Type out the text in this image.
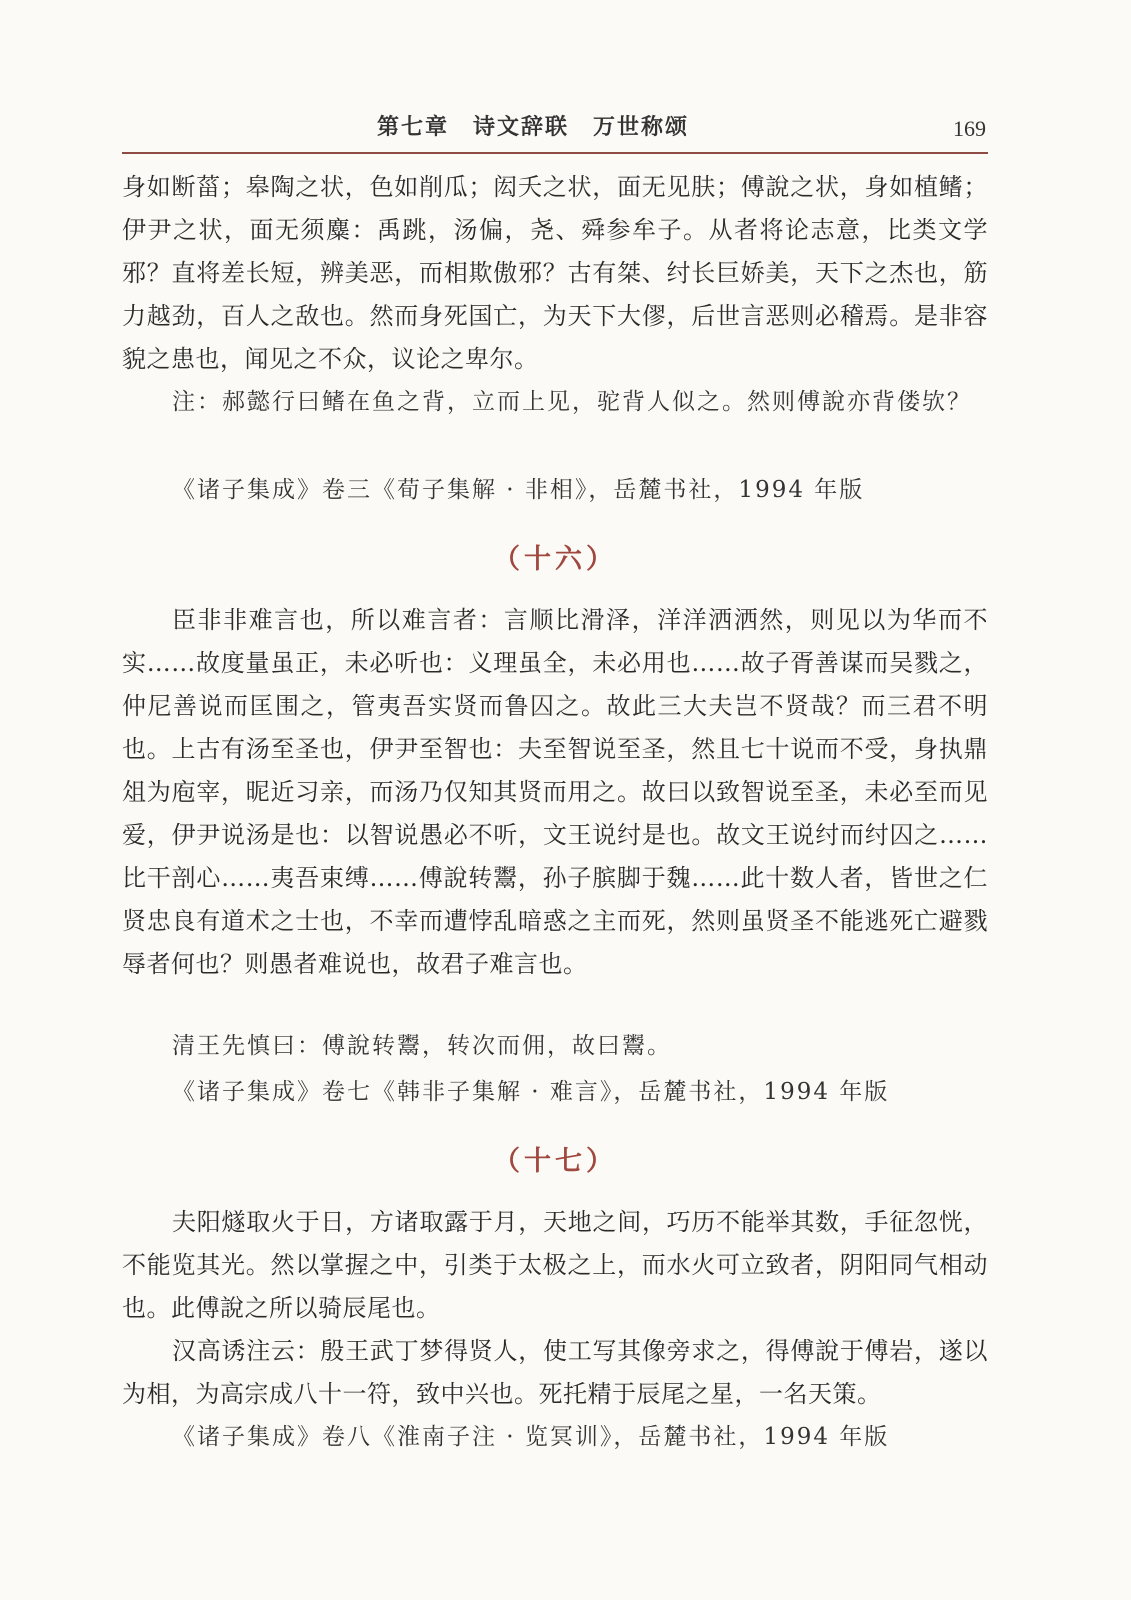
第七章　诗文辞联　万世称颂	169

身如断菑；皋陶之状，色如削瓜；闳夭之状，面无见肤；傅說之状，身如植鳍；伊尹之状，面无须麋：禹跳，汤偏，尧、舜参牟子。从者将论志意，比类文学邪？直将差长短，辨美恶，而相欺傲邪？古有桀、纣长巨娇美，天下之杰也，筋力越劲，百人之敌也。然而身死国亡，为天下大僇，后世言恶则必稽焉。是非容貌之患也，闻见之不众，议论之卑尔。

注：郝懿行曰鳍在鱼之背，立而上见，驼背人似之。然则傅說亦背偻欤？

《诸子集成》卷三《荀子集解 · 非相》，岳麓书社，1994 年版

（十六）

臣非非难言也，所以难言者：言顺比滑泽，洋洋洒洒然，则见以为华而不实……故度量虽正，未必听也：义理虽全，未必用也……故子胥善谋而吴戮之，仲尼善说而匡围之，管夷吾实贤而鲁囚之。故此三大夫岂不贤哉？而三君不明也。上古有汤至圣也，伊尹至智也：夫至智说至圣，然且七十说而不受，身执鼎俎为庖宰，昵近习亲，而汤乃仅知其贤而用之。故曰以致智说至圣，未必至而见爱，伊尹说汤是也：以智说愚必不听，文王说纣是也。故文王说纣而纣囚之……比干剖心……夷吾束缚……傅說转鬻，孙子膑脚于魏……此十数人者，皆世之仁贤忠良有道术之士也，不幸而遭悖乱暗惑之主而死，然则虽贤圣不能逃死亡避戮辱者何也？则愚者难说也，故君子难言也。

清王先慎曰：傅說转鬻，转次而佣，故曰鬻。

《诸子集成》卷七《韩非子集解 · 难言》，岳麓书社，1994 年版

（十七）

夫阳燧取火于日，方诸取露于月，天地之间，巧历不能举其数，手征忽恍，不能览其光。然以掌握之中，引类于太极之上，而水火可立致者，阴阳同气相动也。此傅說之所以骑辰尾也。

汉高诱注云：殷王武丁梦得贤人，使工写其像旁求之，得傅說于傅岩，遂以为相，为高宗成八十一符，致中兴也。死托精于辰尾之星，一名天策。

《诸子集成》卷八《淮南子注 · 览冥训》，岳麓书社，1994 年版
